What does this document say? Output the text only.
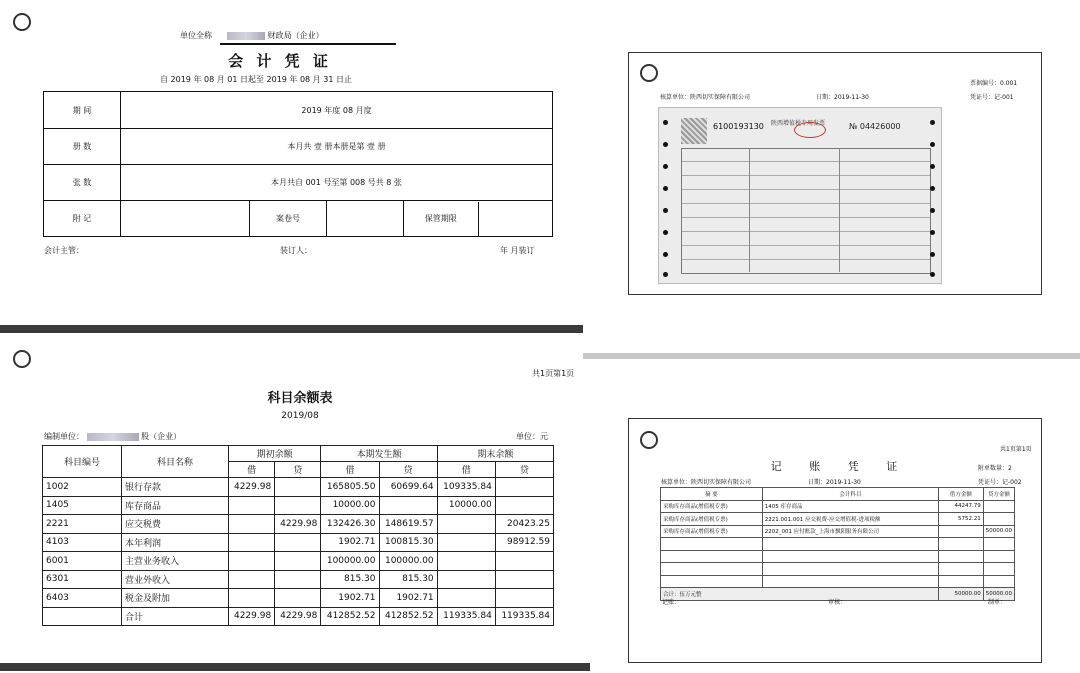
单位全称	财政局（企业）
会 计 凭 证
自 2019 年 08 月 01 日起至 2019 年 08 月 31 日止
期 间	2019 年度 08 月度			
册 数	本月共 壹 册本册是第 壹 册			
张 数	本月共自 001 号至第 008 号共 8 张			
附 记		案卷号		保管期限
会计主管：	装订人：	年 月装订
票据编号：0.001
核算单位：陕西切实保障有限公司	日期：2019-11-30	凭证号：记-001
6100193130 陕西增值税专用发票	№ 04426000
共1页第1页
科目余额表
2019/08
编制单位：	股（企业）	单位：元
科目编号	科目名称	期初余额		本期发生额		期末余额	
		借	贷	借	贷	借	贷
1002	银行存款	4229.98		165805.50	60699.64	109335.84	
1405	库存商品			10000.00		10000.00	
2221	应交税费		4229.98	132426.30	148619.57		20423.25
4103	本年利润			1902.71	100815.30		98912.59
6001	主营业务收入			100000.00	100000.00		
6301	营业外收入			815.30	815.30		
6403	税金及附加			1902.71	1902.71		
	合计	4229.98	4229.98	412852.52	412852.52	119335.84	119335.84
共1页第1页
记 账 凭 证	附单数量：2
核算单位：陕西切实保障有限公司	日期：2019-11-30	凭证号：记-002
摘 要	会计科目	借方金额	贷方金额
采购库存商品(增值税专票)	1405 库存商品	44247.79	
采购库存商品(增值税专票)	2221.001.001 应交税费-应交增值税-进项税额	5752.21	
采购库存商品(增值税专票)	2202_001 应付账款_上海市飘阳服务有限公司		50000.00

合计：伍万元整		50000.00	50000.00
记账：	审核：	制单：
